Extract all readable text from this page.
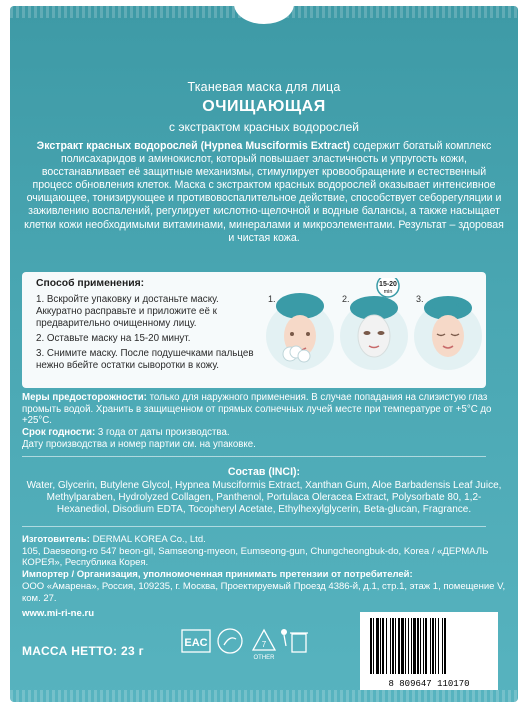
Тканевая маска для лица
ОЧИЩАЮЩАЯ
с экстрактом красных водорослей
Экстракт красных водорослей (Hypnea Musciformis Extract) содержит богатый комплекс полисахаридов и аминокислот, который повышает эластичность и упругость кожи, восстанавливает её защитные механизмы, стимулирует кровообращение и естественный процесс обновления клеток. Маска с экстрактом красных водорослей оказывает интенсивное очищающее, тонизирующее и противовоспалительное действие, способствует себорегуляции и заживлению воспалений, регулирует кислотно-щелочной и водные балансы, а также насыщает клетки кожи необходимыми витаминами, минералами и микроэлементами. Результат – здоровая и чистая кожа.
Способ применения:
1. Вскройте упаковку и достаньте маску. Аккуратно расправьте и приложите её к предварительно очищенному лицу.
2. Оставьте маску на 15-20 минут.
3. Снимите маску. После подушечками пальцев нежно вбейте остатки сыворотки в кожу.
1.
15-20
min
3.
2.
Меры предосторожности: только для наружного применения. В случае попадания на слизистую глаз промыть водой. Хранить в защищенном от прямых солнечных лучей месте при температуре от +5°С до +25°С.
Срок годности: 3 года от даты производства.
Дату производства и номер партии см. на упаковке.
Состав (INCI):
Water, Glycerin, Butylene Glycol, Hypnea Musciformis Extract, Xanthan Gum, Aloe Barbadensis Leaf Juice, Methylparaben, Hydrolyzed Collagen, Panthenol, Portulaca Oleracea Extract, Polysorbate 80, 1,2-Hexanediol, Disodium EDTA, Tocopheryl Acetate, Ethylhexylglycerin, Beta-glucan, Fragrance.
Изготовитель: DERMAL KOREA Co., Ltd.
105, Daeseong-ro 547 beon-gil, Samseong-myeon, Eumseong-gun, Chungcheongbuk-do, Korea / «ДЕРМАЛЬ КОРЕЯ», Республика Корея.
Импортер / Организация, уполномоченная принимать претензии от потребителей:
ООО «Амарена», Россия, 109235, г. Москва, Проектируемый Проезд 4386-й, д.1, стр.1, этаж 1, помещение V, ком. 27.
www.mi-ri-ne.ru
МАССА НЕТТО: 23 г
EAC	7
OTHER
8 809647 110170
